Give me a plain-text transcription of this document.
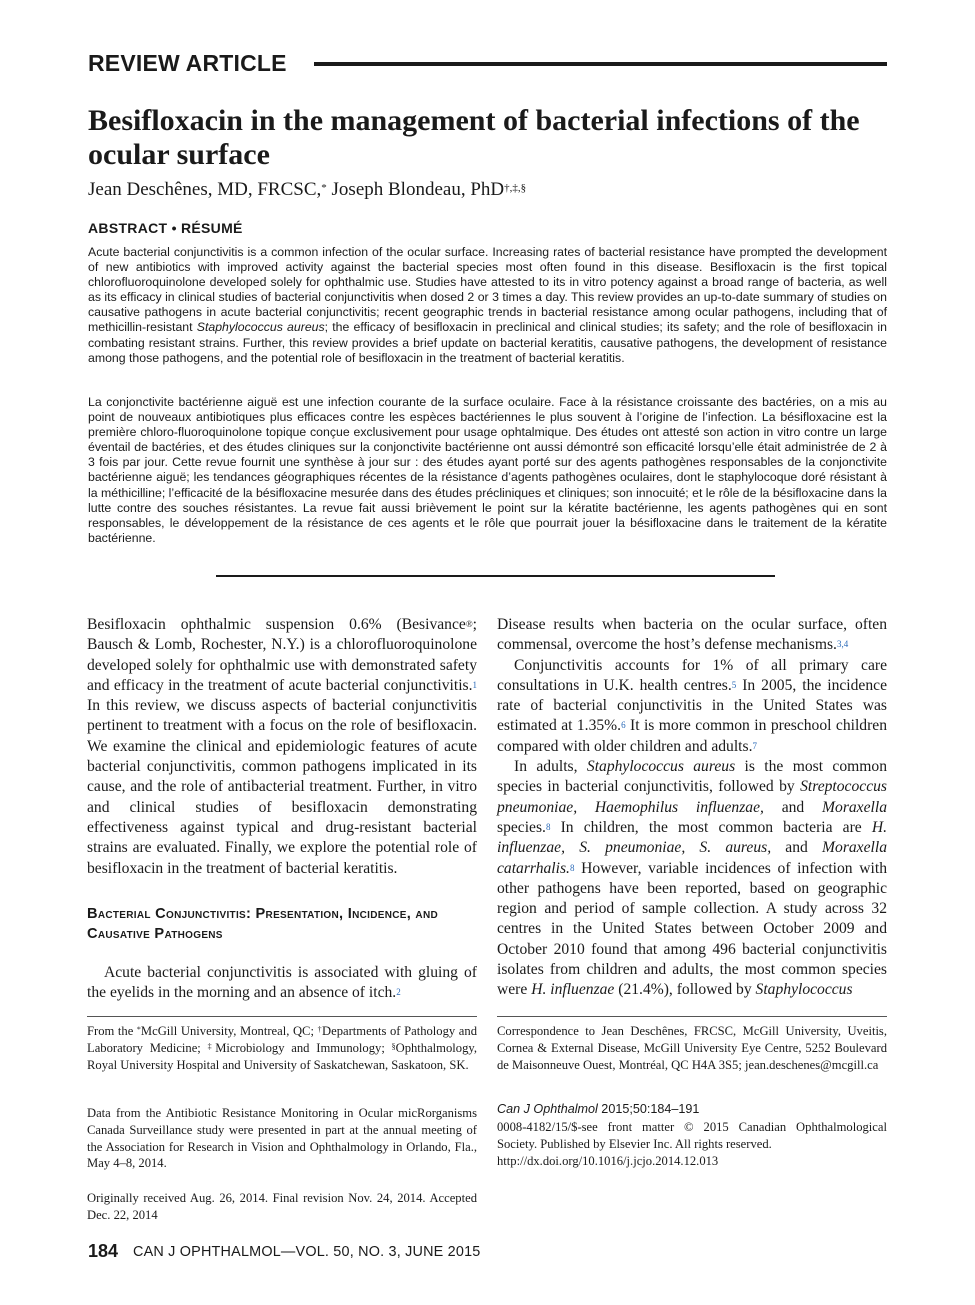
REVIEW ARTICLE
Besifloxacin in the management of bacterial infections of the ocular surface
Jean Deschênes, MD, FRCSC,* Joseph Blondeau, PhD†,‡,§
ABSTRACT • RÉSUMÉ

Acute bacterial conjunctivitis is a common infection of the ocular surface. Increasing rates of bacterial resistance have prompted the development of new antibiotics with improved activity against the bacterial species most often found in this disease. Besifloxacin is the first topical chlorofluoroquinolone developed solely for ophthalmic use. Studies have attested to its in vitro potency against a broad range of bacteria, as well as its efficacy in clinical studies of bacterial conjunctivitis when dosed 2 or 3 times a day. This review provides an up-to-date summary of studies on causative pathogens in acute bacterial conjunctivitis; recent geographic trends in bacterial resistance among ocular pathogens, including that of methicillin-resistant Staphylococcus aureus; the efficacy of besifloxacin in preclinical and clinical studies; its safety; and the role of besifloxacin in combating resistant strains. Further, this review provides a brief update on bacterial keratitis, causative pathogens, the development of resistance among those pathogens, and the potential role of besifloxacin in the treatment of bacterial keratitis.

La conjonctivite bactérienne aiguë est une infection courante de la surface oculaire. Face à la résistance croissante des bactéries, on a mis au point de nouveaux antibiotiques plus efficaces contre les espèces bactériennes le plus souvent à l’origine de l’infection. La bésifloxacine est la première chloro-fluoroquinolone topique conçue exclusivement pour usage ophtalmique. Des études ont attesté son action in vitro contre un large éventail de bactéries, et des études cliniques sur la conjonctivite bactérienne ont aussi démontré son efficacité lorsqu’elle était administrée de 2 à 3 fois par jour. Cette revue fournit une synthèse à jour sur : des études ayant porté sur des agents pathogènes responsables de la conjonctivite bactérienne aiguë; les tendances géographiques récentes de la résistance d’agents pathogènes oculaires, dont le staphylocoque doré résistant à la méthicilline; l’efficacité de la bésifloxacine mesurée dans des études précliniques et cliniques; son innocuité; et le rôle de la bésifloxacine dans la lutte contre des souches résistantes. La revue fait aussi brièvement le point sur la kératite bactérienne, les agents pathogènes qui en sont responsables, le développement de la résistance de ces agents et le rôle que pourrait jouer la bésifloxacine dans le traitement de la kératite bactérienne.

Besifloxacin ophthalmic suspension 0.6% (Besivance®; Bausch & Lomb, Rochester, N.Y.) is a chlorofluoroquinolone developed solely for ophthalmic use with demonstrated safety and efficacy in the treatment of acute bacterial conjunctivitis.$^1$ In this review, we discuss aspects of bacterial conjunctivitis pertinent to treatment with a focus on the role of besifloxacin. We examine the clinical and epidemiologic features of acute bacterial conjunctivitis, common pathogens implicated in its cause, and the role of antibacterial treatment. Further, in vitro and clinical studies of besifloxacin demonstrating effectiveness against typical and drug-resistant bacterial strains are evaluated. Finally, we explore the potential role of besifloxacin in the treatment of bacterial keratitis.

Bacterial Conjunctivitis: Presentation, Incidence, and Causative Pathogens

Acute bacterial conjunctivitis is associated with gluing of the eyelids in the morning and an absence of itch.$^2$

Disease results when bacteria on the ocular surface, often commensal, overcome the host’s defense mechanisms.$^{3,4}$

Conjunctivitis accounts for 1% of all primary care consultations in U.K. health centres.$^5$ In 2005, the incidence rate of bacterial conjunctivitis in the United States was estimated at 1.35%.$^6$ It is more common in preschool children compared with older children and adults.$^7$

In adults, Staphylococcus aureus is the most common species in bacterial conjunctivitis, followed by Streptococcus pneumoniae, Haemophilus influenzae, and Moraxella species.$^8$ In children, the most common bacteria are H. influenzae, S. pneumoniae, S. aureus, and Moraxella catarrhalis.$^8$ However, variable incidences of infection with other pathogens have been reported, based on geographic region and period of sample collection. A study across 32 centres in the United States between October 2009 and October 2010 found that among 496 bacterial conjunctivitis isolates from children and adults, the most common species were H. influenzae (21.4%), followed by Staphylococcus

From the *McGill University, Montreal, QC; †Departments of Pathology and Laboratory Medicine; ‡Microbiology and Immunology; §Ophthalmology, Royal University Hospital and University of Saskatchewan, Saskatoon, SK.

Data from the Antibiotic Resistance Monitoring in Ocular micRorganisms Canada Surveillance study were presented in part at the annual meeting of the Association for Research in Vision and Ophthalmology in Orlando, Fla., May 4–8, 2014.

Originally received Aug. 26, 2014. Final revision Nov. 24, 2014. Accepted Dec. 22, 2014

Correspondence to Jean Deschênes, FRCSC, McGill University, Uveitis, Cornea & External Disease, McGill University Eye Centre, 5252 Boulevard de Maisonneuve Ouest, Montréal, QC H4A 3S5; jean.deschenes@mcgill.ca

Can J Ophthalmol 2015;50:184–191

0008-4182/15/$-see front matter © 2015 Canadian Ophthalmological Society. Published by Elsevier Inc. All rights reserved.
http://dx.doi.org/10.1016/j.jcjo.2014.12.013

184 CAN J OPHTHALMOL—VOL. 50, NO. 3, JUNE 2015
